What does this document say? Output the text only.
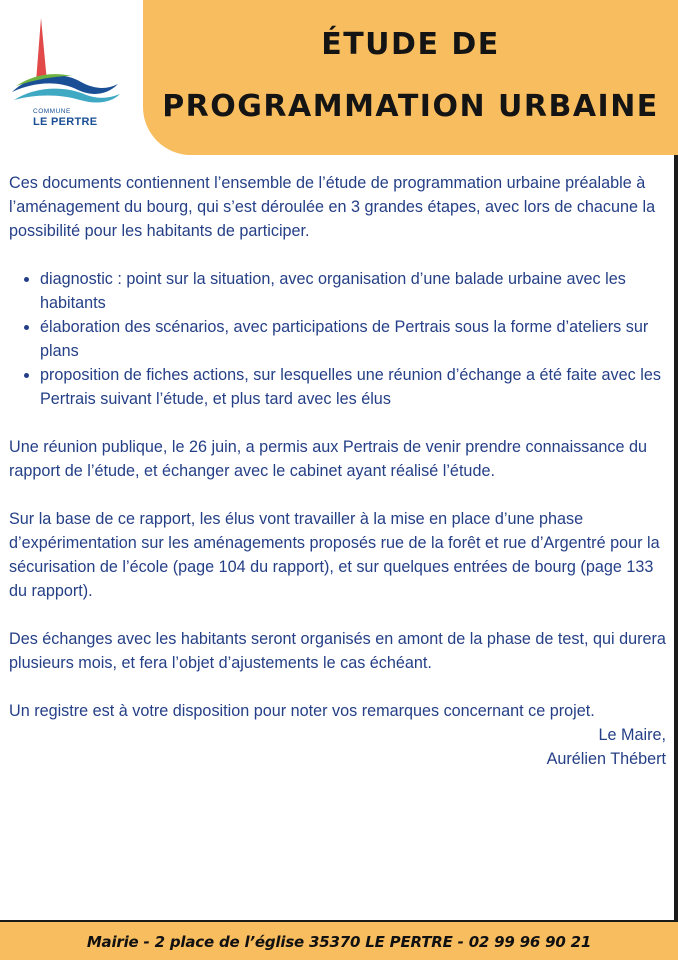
COMMUNE
LE PERTRE
ÉTUDE DE
PROGRAMMATION URBAINE

Ces documents contiennent l’ensemble de l’étude de programmation urbaine préalable à l’aménagement du bourg, qui s’est déroulée en 3 grandes étapes, avec lors de chacune la possibilité pour les habitants de participer.

• diagnostic : point sur la situation, avec organisation d’une balade urbaine avec les habitants
• élaboration des scénarios, avec participations de Pertrais sous la forme d’ateliers sur plans
• proposition de fiches actions, sur lesquelles une réunion d’échange a été faite avec les Pertrais suivant l’étude, et plus tard avec les élus

Une réunion publique, le 26 juin, a permis aux Pertrais de venir prendre connaissance du rapport de l’étude, et échanger avec le cabinet ayant réalisé l’étude.

Sur la base de ce rapport, les élus vont travailler à la mise en place d’une phase d’expérimentation sur les aménagements proposés rue de la forêt et rue d’Argentré pour la sécurisation de l’école (page 104 du rapport), et sur quelques entrées de bourg (page 133 du rapport).

Des échanges avec les habitants seront organisés en amont de la phase de test, qui durera plusieurs mois, et fera l’objet d’ajustements le cas échéant.

Un registre est à votre disposition pour noter vos remarques concernant ce projet.

Le Maire,

Aurélien Thébert

Mairie - 2 place de l’église 35370 LE PERTRE - 02 99 96 90 21
